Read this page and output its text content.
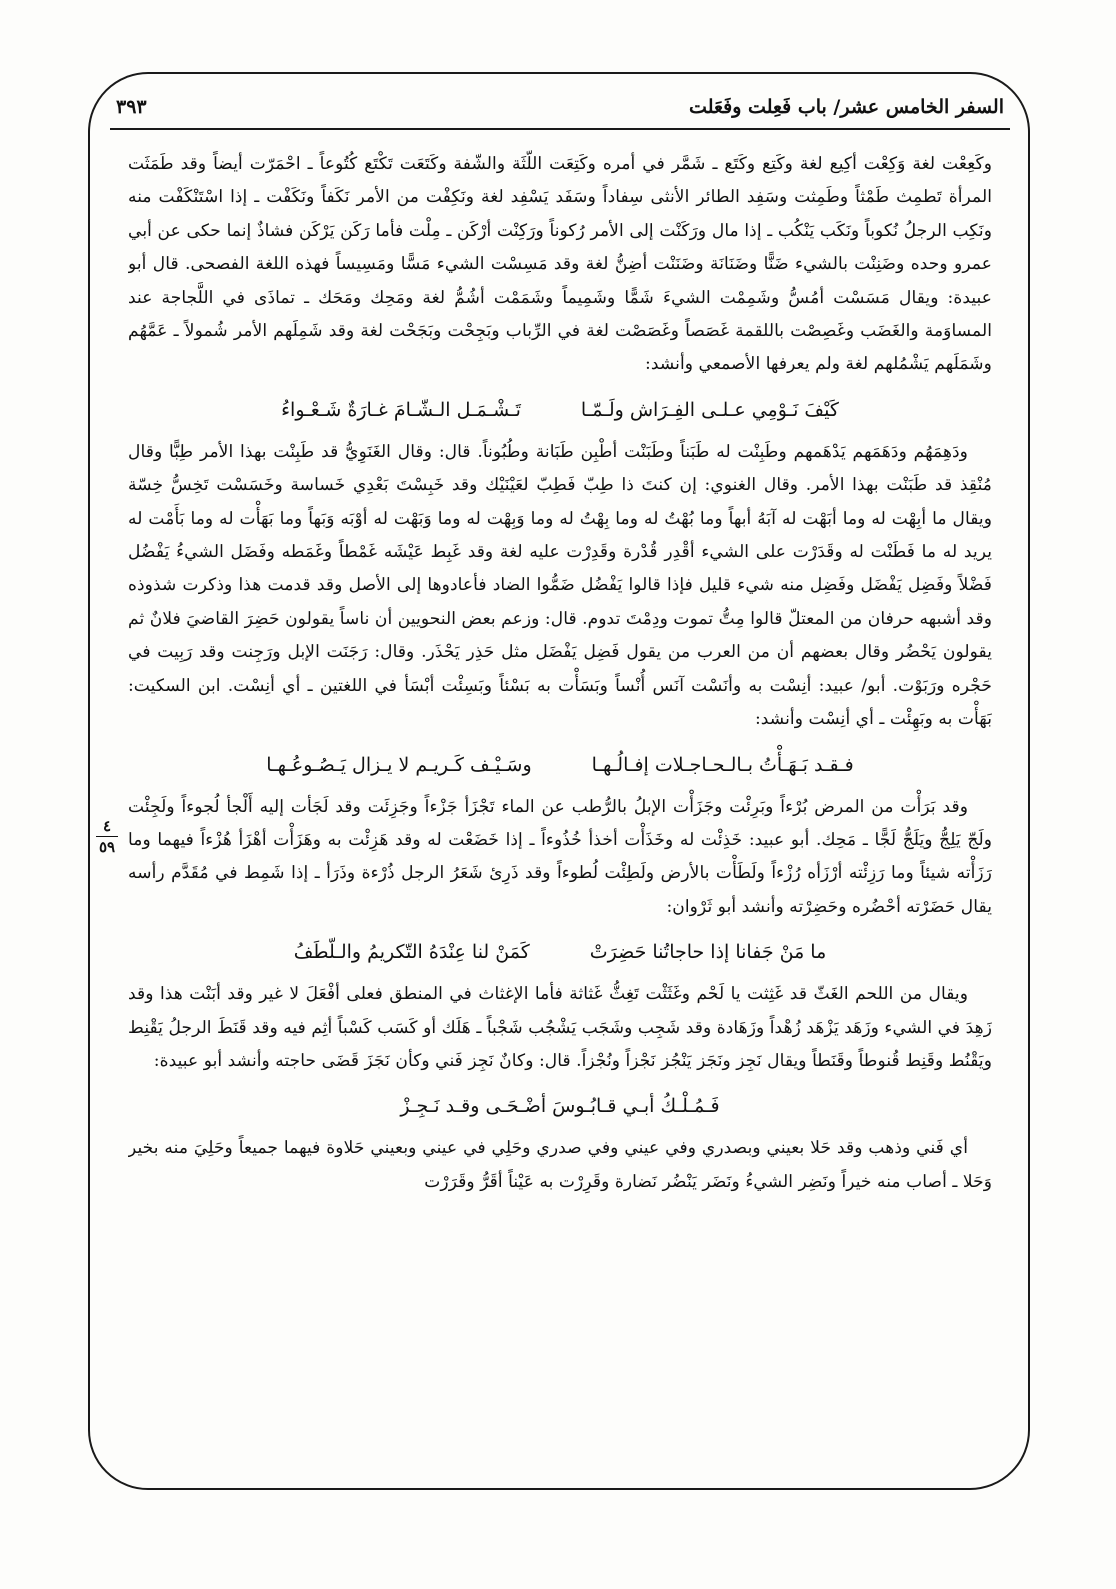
السفر الخامس عشر/ باب فَعِلت وفَعَلت
٣٩٣
٤
٥٩

وكَعِعْت لغة وَكِعْت أكِيع لغة وكَتِع وكَتَع ـ شَمَّر في أمره وكَتِعَت اللّثَة والشّفة وكَتَعَت تَكْتَع كُتُوعاً ـ احْمَرّت أيضاً وقد طَمَثَت المرأة تَطمِث طَمْثاً وطَمِثت وسَفِد الطائر الأنثى سِفاداً وسَفَد يَسْفِد لغة ونَكِفْت من الأمر نَكَفاً ونَكَفْت ـ إذا اسْتَنْكَفْت منه ونَكِب الرجلُ نُكوباً ونَكَب يَنْكُب ـ إذا مال ورَكَنْت إلى الأمر رُكوناً ورَكِنْت أرْكَن ـ مِلْت فأما رَكَن يَرْكَن فشاذٌ إنما حكى عن أبي عمرو وحده وضَنِنْت بالشيء ضَنًّا وضَنَانَة وضَنَنْت أضِنُّ لغة وقد مَسِسْت الشيء مَسًّا ومَسِيساً فهذه اللغة الفصحى. قال أبو عبيدة: ويقال مَسَسْت أمُسُّ وشَمِمْت الشيءَ شَمًّا وشَمِيماً وشَمَمْت أشُمُّ لغة ومَحِك ومَحَك ـ تماذَى في اللَّجاجة عند المساوَمة والغَضَب وغَصِصْت باللقمة غَصَصاً وغَصَصْت لغة في الرِّباب وبَجِحْت وبَجَحْت لغة وقد شَمِلَهم الأمر شُمولاً ـ عَمَّهُم وشَمَلَهم يَشْمُلهم لغة ولم يعرفها الأصمعي وأنشد:

كَيْفَ نَـوْمِي عـلـى الفِـرَاش ولَـمّـا
تَـشْـمَـل الـشّـامَ غـارَةٌ شَـعْـواءُ

ودَهِمَهُم ودَهَمَهم يَدْهَمهم وطَبِنْت له طَبَناً وطَبَنْت أطْبِن طَبَانة وطُبُوناً. قال: وقال الغَنَوِيُّ قد طَبِنْت بهذا الأمر طِبًّا وقال مُنْقِذ قد طَبَنْت بهذا الأمر. وقال الغنوي: إن كنتَ ذا طِبّ فَطِبّ لعَيْنَيْك وقد خَبِسْتَ بَعْدِي خَساسة وخَسَسْت تَخِسُّ خِسّة ويقال ما أبِهْت له وما أبَهْت له آبَهُ أبهاً وما بُهْتُ له وما بِهْتُ له وما وَبِهْت له وما وَبَهْت له أوْبَه وَبَهاً وما بَهَأْت له وما بَأَمْت له يريد له ما فَطَنْت له وقَدَرْت على الشيء أقْدِر قُدْرة وقَدِرْت عليه لغة وقد غَبِط عَيْشَه غَمْطاً وغَمَطه وفَضَل الشيءُ يَفْضُل فَضْلاً وفَضِل يَفْضَل وفَضِل منه شيء قليل فإذا قالوا يَفْضُل ضَمُّوا الضاد فأعادوها إلى الأصل وقد قدمت هذا وذكرت شذوذه وقد أشبهه حرفان من المعتلّ قالوا مِتُّ تموت ودِمْتَ تدوم. قال: وزعم بعض النحويين أن ناساً يقولون حَضِرَ القاضيَ فلانٌ ثم يقولون يَحْضُر وقال بعضهم أن من العرب من يقول فَضِل يَفْضَل مثل حَذِر يَحْذَر. وقال: رَجَنَت الإبل ورَجِنت وقد رَبِيت في حَجْره ورَبَوْت. أبو/ عبيد: أنِسْت به وأنَسْت آنَس أُنْساً وبَسَأْت به بَسْئاً وبَسِئْت أبْسَأ في اللغتين ـ أي أنِسْت. ابن السكيت: بَهَأْت به وبَهِئْت ـ أي أنِسْت وأنشد:

فـقـد بَـهَـأْتُ بـالـحـاجـلات إفـالُـهـا
وسَـيْـف كَـريـم لا يـزال يَـصُـوعُـهـا

وقد بَرَأْت من المرض بُرْءاً وبَرِئْت وجَزَأْت الإبلُ بالرُّطب عن الماء تَجْزَأ جَزْءاً وجَزِئَت وقد لَجَأت إليه أَلْجأ لُجوءاً ولَجِئْت ولَجّ يَلِجُّ ويَلَجُّ لَجًّا ـ مَحِك. أبو عبيد: خَذِئْت له وخَذَأْت أخذأ خُذُوءاً ـ إذا خَضَعْت له وقد هَزِئْت به وهَزَأْت أهْزَأ هُزْءاً فيهما وما رَزَأْته شيئاً وما رَزِئْته أرْزَأه رُزْءاً ولَطَأْت بالأرض ولَطِئْت لُطوءاً وقد ذَرِئ شَعَرُ الرجل ذُرْءة وذَرَأ ـ إذا شَمِط في مُقَدَّم رأسه يقال حَضَرْته أحْضُره وحَضِرْته وأنشد أبو ثَرْوان:

ما مَنْ جَفانا إذا حاجاتُنا حَضِرَتْ
كَمَنْ لنا عِنْدَهُ التّكريمُ والـلّطَفُ

ويقال من اللحم الغَثّ قد غَثِثت يا لَحْم وغَثَثْت تَغِثُّ غَثاثة فأما الإغثاث في المنطق فعلى أفْعَلَ لا غير وقد أبَنْت هذا وقد زَهِدَ في الشيء وزَهَد يَزْهَد زُهْداً وزَهَادة وقد شَجِب وشَجَب يَشْجُب شَجْباً ـ هَلَك أو كَسَب كَسْباً أثِم فيه وقد قَنَطَ الرجلُ يَقْنِط ويَقْنُط وقَنِط قُنوطاً وقَنَطاً ويقال نَجِز ونَجَز يَنْجُز نَجْزاً ونُجْزاً. قال: وكانٌ نَجِز فَني وكأن نَجَزَ قَضَى حاجته وأنشد أبو عبيدة:

فَـمُـلْـكُ أبـي قـابُـوسَ أضْـحَـى وقـد نَـجِـزْ

أي فَني وذهب وقد حَلا بعيني وبصدري وفي عيني وفي صدري وحَلِي في عيني وبعيني حَلاوة فيهما جميعاً وحَلِيَ منه بخير وَحَلا ـ أصاب منه خيراً ونَضِر الشيءُ ونَضَر يَنْضُر نَضارة وقَرِرْت به عَيْناً أقَرُّ وقَرَرْت
